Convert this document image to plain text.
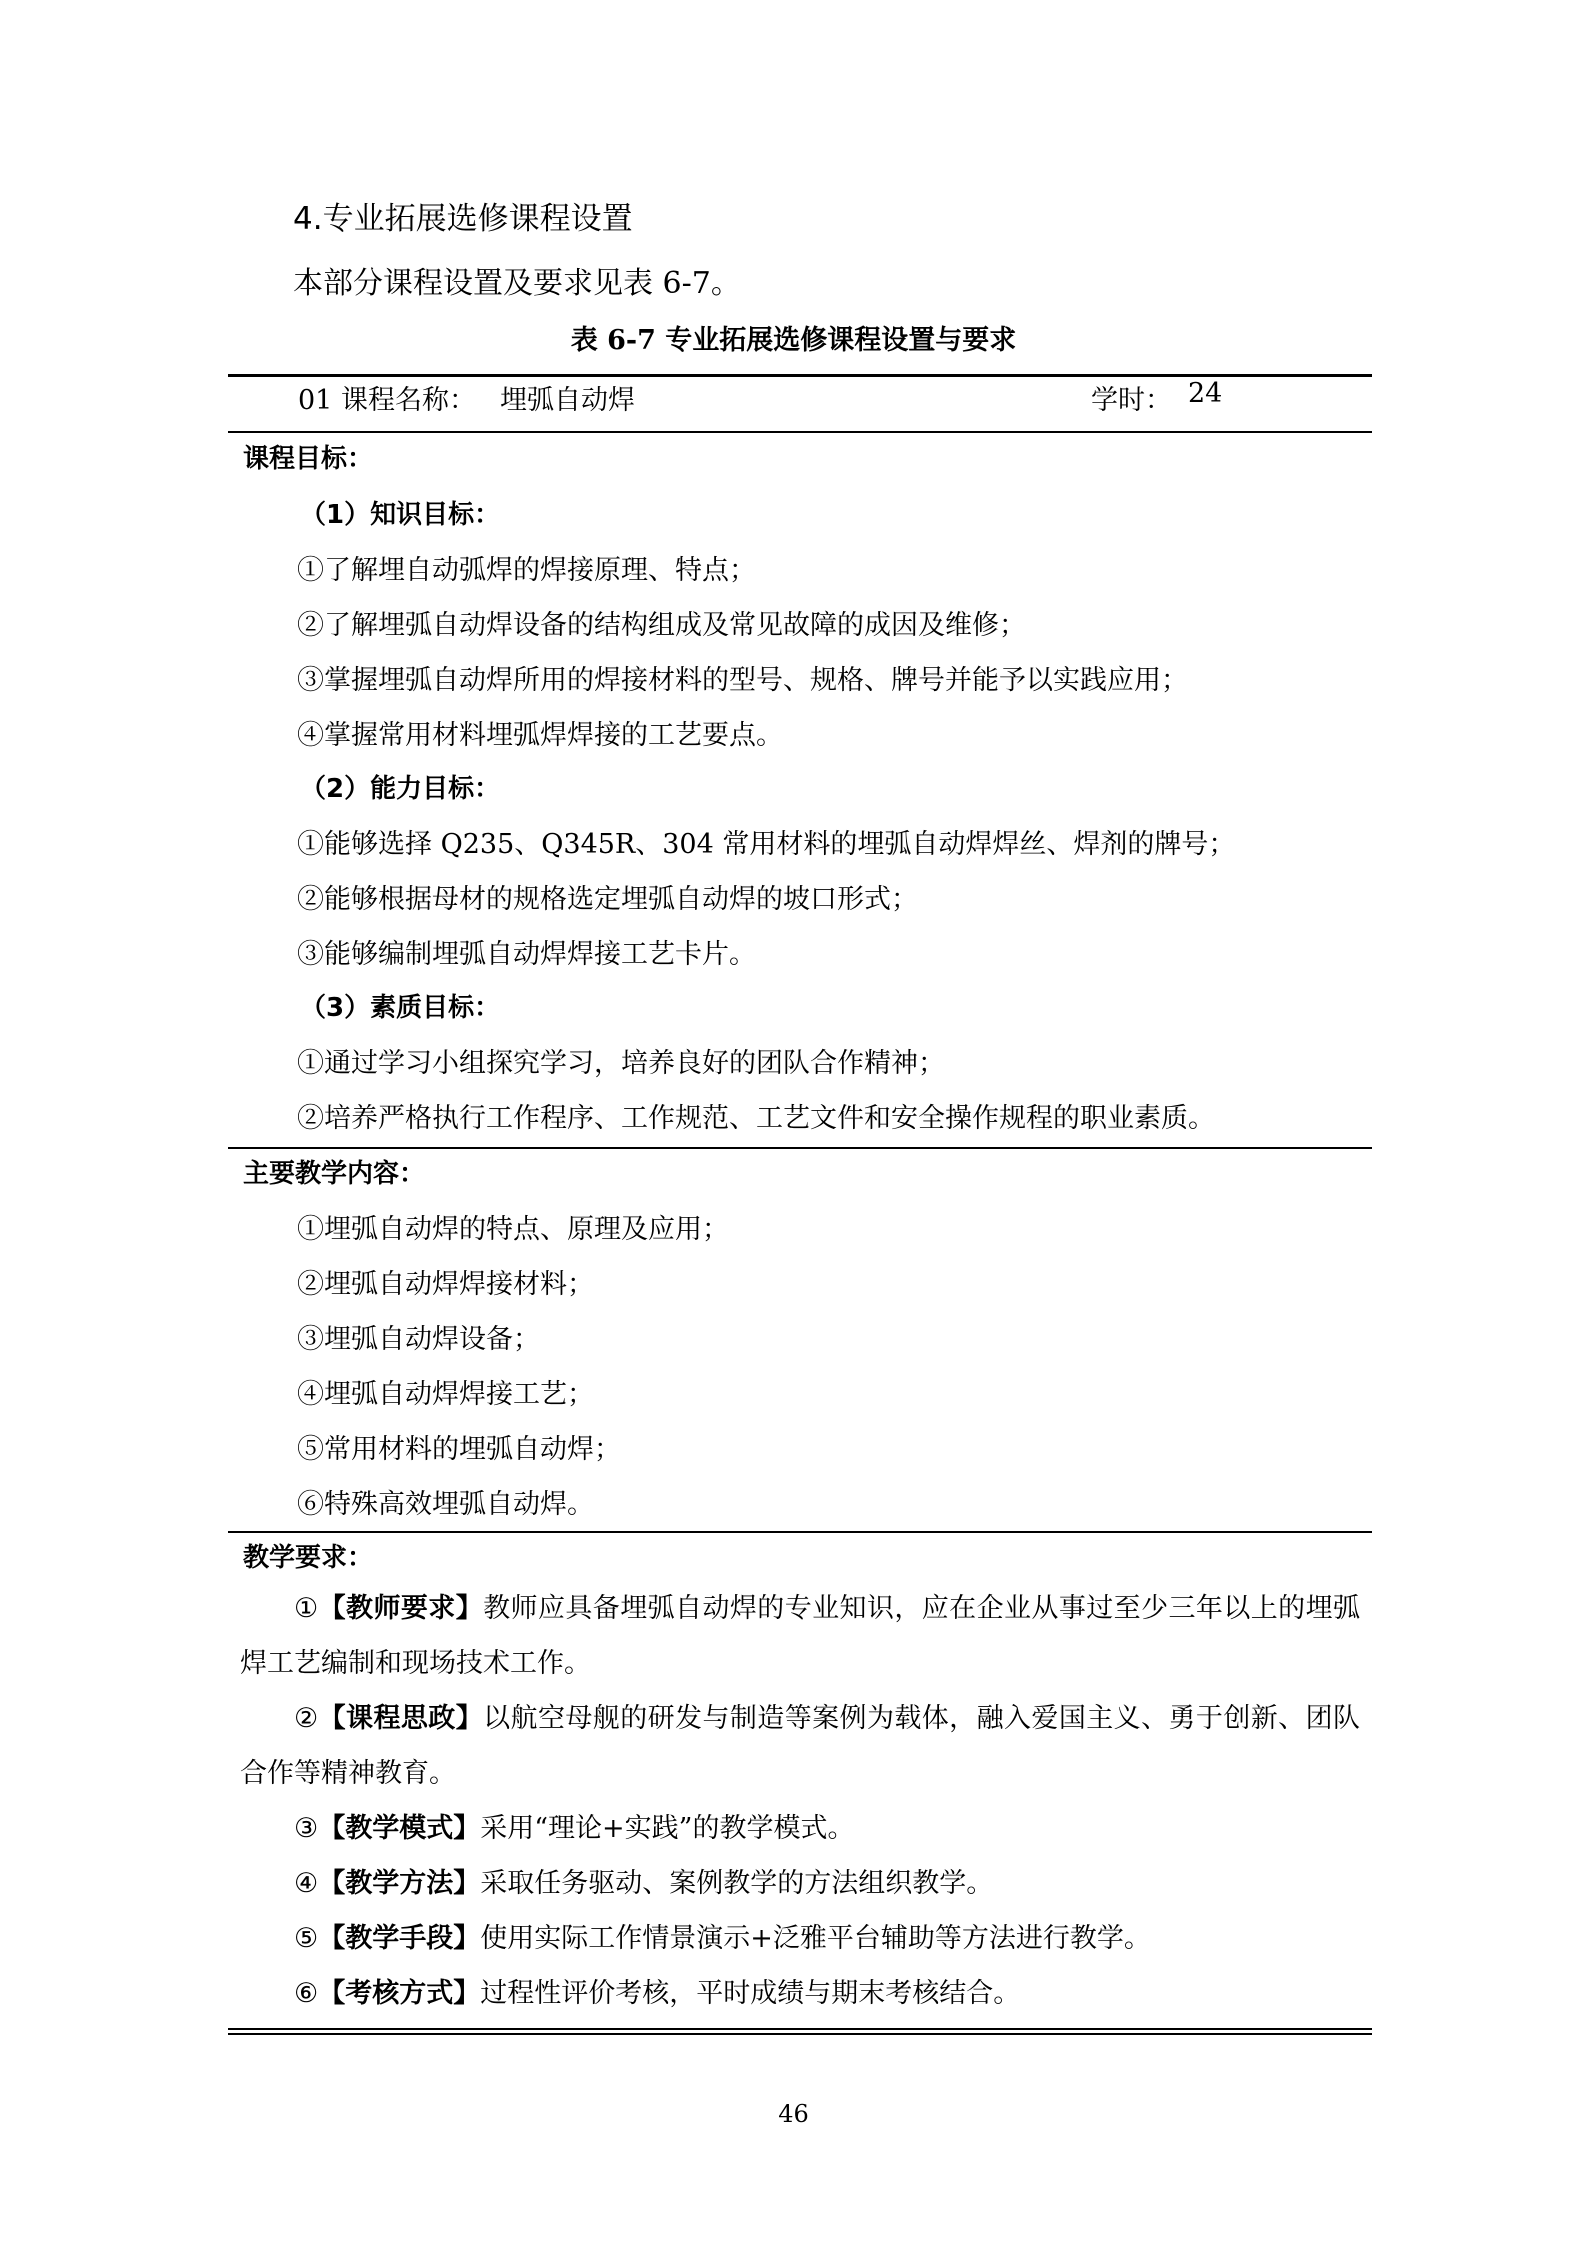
4.专业拓展选修课程设置
本部分课程设置及要求见表 6-7。
表 6-7 专业拓展选修课程设置与要求
01 课程名称： 埋弧自动焊	学时： 24
课程目标：
（1）知识目标：
①了解埋自动弧焊的焊接原理、特点；
②了解埋弧自动焊设备的结构组成及常见故障的成因及维修；
③掌握埋弧自动焊所用的焊接材料的型号、规格、牌号并能予以实践应用；
④掌握常用材料埋弧焊焊接的工艺要点。
（2）能力目标：
①能够选择 Q235、Q345R、304 常用材料的埋弧自动焊焊丝、焊剂的牌号；
②能够根据母材的规格选定埋弧自动焊的坡口形式；
③能够编制埋弧自动焊焊接工艺卡片。
（3）素质目标：
①通过学习小组探究学习，培养良好的团队合作精神；
②培养严格执行工作程序、工作规范、工艺文件和安全操作规程的职业素质。
主要教学内容：
①埋弧自动焊的特点、原理及应用；
②埋弧自动焊焊接材料；
③埋弧自动焊设备；
④埋弧自动焊焊接工艺；
⑤常用材料的埋弧自动焊；
⑥特殊高效埋弧自动焊。
教学要求：
①【教师要求】教师应具备埋弧自动焊的专业知识，应在企业从事过至少三年以上的埋弧焊工艺编制和现场技术工作。
②【课程思政】以航空母舰的研发与制造等案例为载体，融入爱国主义、勇于创新、团队合作等精神教育。
③【教学模式】采用“理论+实践”的教学模式。
④【教学方法】采取任务驱动、案例教学的方法组织教学。
⑤【教学手段】使用实际工作情景演示+泛雅平台辅助等方法进行教学。
⑥【考核方式】过程性评价考核，平时成绩与期末考核结合。
46
